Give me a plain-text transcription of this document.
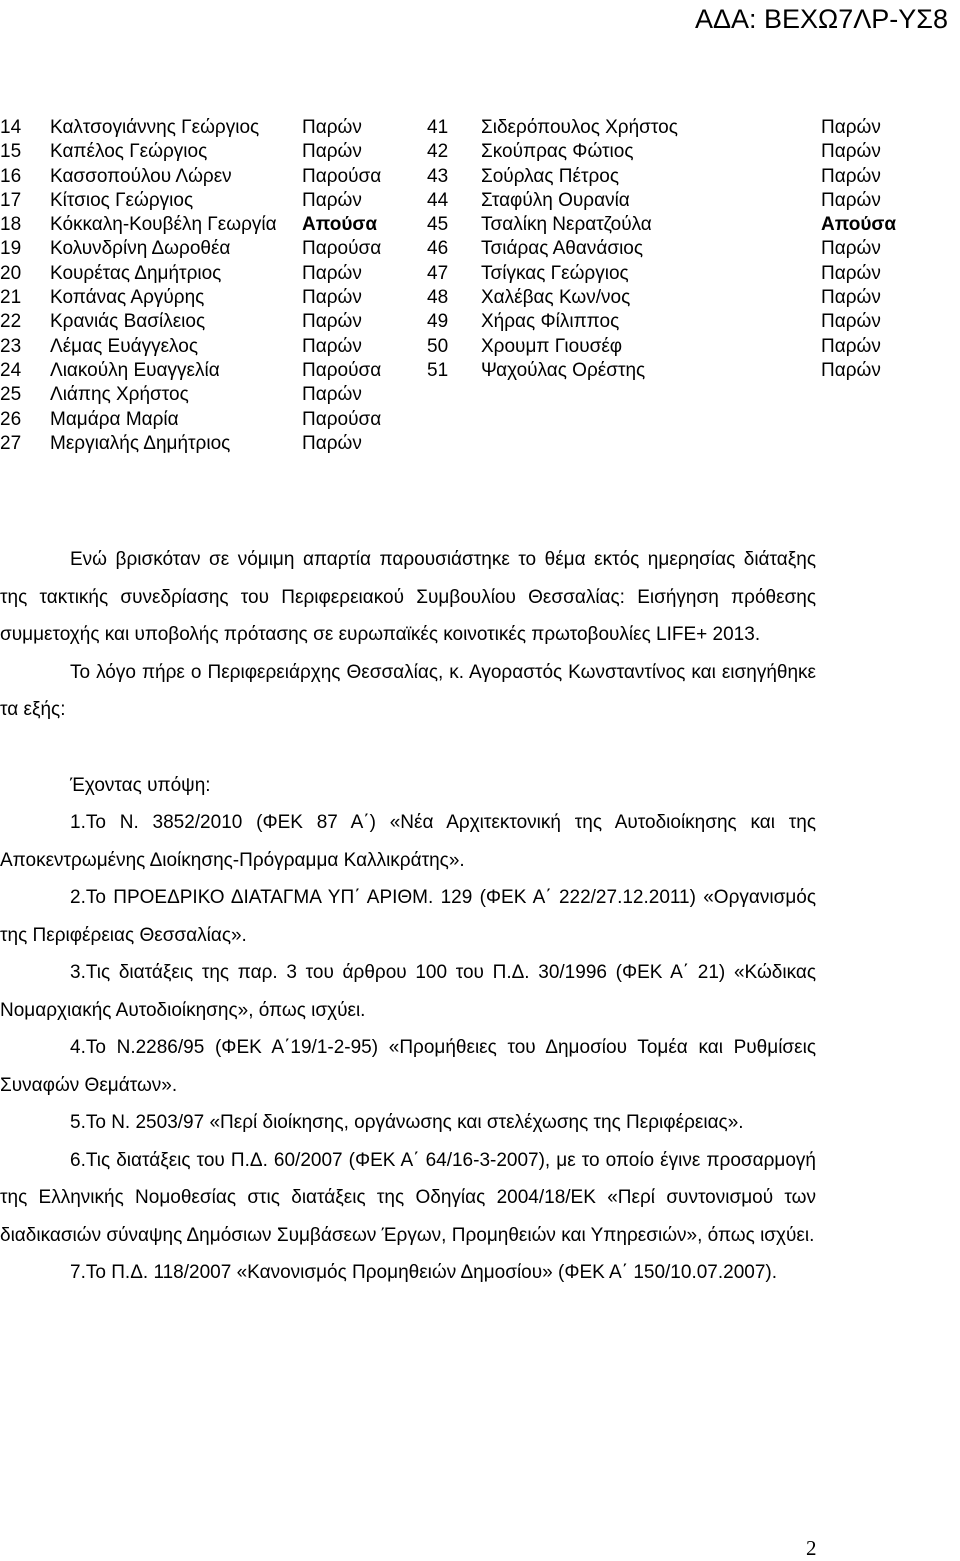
ΑΔΑ: ΒΕΧΩ7ΛΡ-ΥΣ8
14	Καλτσογιάννης Γεώργιος	Παρών	41	Σιδερόπουλος Χρήστος	Παρών
15	Καπέλος Γεώργιος	Παρών	42	Σκούπρας Φώτιος	Παρών
16	Κασσοπούλου Λώρεν	Παρούσα	43	Σούρλας Πέτρος	Παρών
17	Κίτσιος Γεώργιος	Παρών	44	Σταφύλη Ουρανία	Παρών
18	Κόκκαλη-Κουβέλη Γεωργία	Απούσα	45	Τσαλίκη Νερατζούλα	Απούσα
19	Κολυνδρίνη Δωροθέα	Παρούσα	46	Τσιάρας Αθανάσιος	Παρών
20	Κουρέτας Δημήτριος	Παρών	47	Τσίγκας Γεώργιος	Παρών
21	Κοπάνας Αργύρης	Παρών	48	Χαλέβας Κων/νος	Παρών
22	Κρανιάς Βασίλειος	Παρών	49	Χήρας Φίλιππος	Παρών
23	Λέμας Ευάγγελος	Παρών	50	Χρουμπ Γιουσέφ	Παρών
24	Λιακούλη Ευαγγελία	Παρούσα	51	Ψαχούλας Ορέστης	Παρών
25	Λιάπης Χρήστος	Παρών			
26	Μαμάρα Μαρία	Παρούσα			
27	Μεργιαλής Δημήτριος	Παρών			

Ενώ βρισκόταν σε νόμιμη απαρτία παρουσιάστηκε το θέμα εκτός ημερησίας διάταξης της τακτικής συνεδρίασης του Περιφερειακού Συμβουλίου Θεσσαλίας: Εισήγηση πρόθεσης συμμετοχής και υποβολής πρότασης σε ευρωπαϊκές κοινοτικές πρωτοβουλίες LIFE+ 2013.

Το λόγο πήρε ο Περιφερειάρχης Θεσσαλίας, κ. Αγοραστός Κωνσταντίνος και εισηγήθηκε τα εξής:

Έχοντας υπόψη:

1.Το Ν. 3852/2010 (ΦΕΚ 87 Α΄) «Νέα Αρχιτεκτονική της Αυτοδιοίκησης και της Αποκεντρωμένης Διοίκησης-Πρόγραμμα Καλλικράτης».

2.Το ΠΡΟΕΔΡΙΚΟ ΔΙΑΤΑΓΜΑ ΥΠ΄ ΑΡΙΘΜ. 129 (ΦΕΚ Α΄ 222/27.12.2011) «Οργανισμός της Περιφέρειας Θεσσαλίας».

3.Τις διατάξεις της παρ. 3 του άρθρου 100 του Π.Δ. 30/1996 (ΦΕΚ Α΄ 21) «Κώδικας Νομαρχιακής Αυτοδιοίκησης», όπως ισχύει.

4.Το Ν.2286/95 (ΦΕΚ Α΄19/1-2-95) «Προμήθειες του Δημοσίου Τομέα και Ρυθμίσεις Συναφών Θεμάτων».

5.Το Ν. 2503/97 «Περί διοίκησης, οργάνωσης και στελέχωσης της Περιφέρειας».

6.Τις διατάξεις του Π.Δ. 60/2007 (ΦΕΚ Α΄ 64/16-3-2007), με το οποίο έγινε προσαρμογή της Ελληνικής Νομοθεσίας στις διατάξεις της Οδηγίας 2004/18/ΕΚ «Περί συντονισμού των διαδικασιών σύναψης Δημόσιων Συμβάσεων Έργων, Προμηθειών και Υπηρεσιών», όπως ισχύει.

7.Το Π.Δ. 118/2007 «Κανονισμός Προμηθειών Δημοσίου» (ΦΕΚ Α΄ 150/10.07.2007).

2
